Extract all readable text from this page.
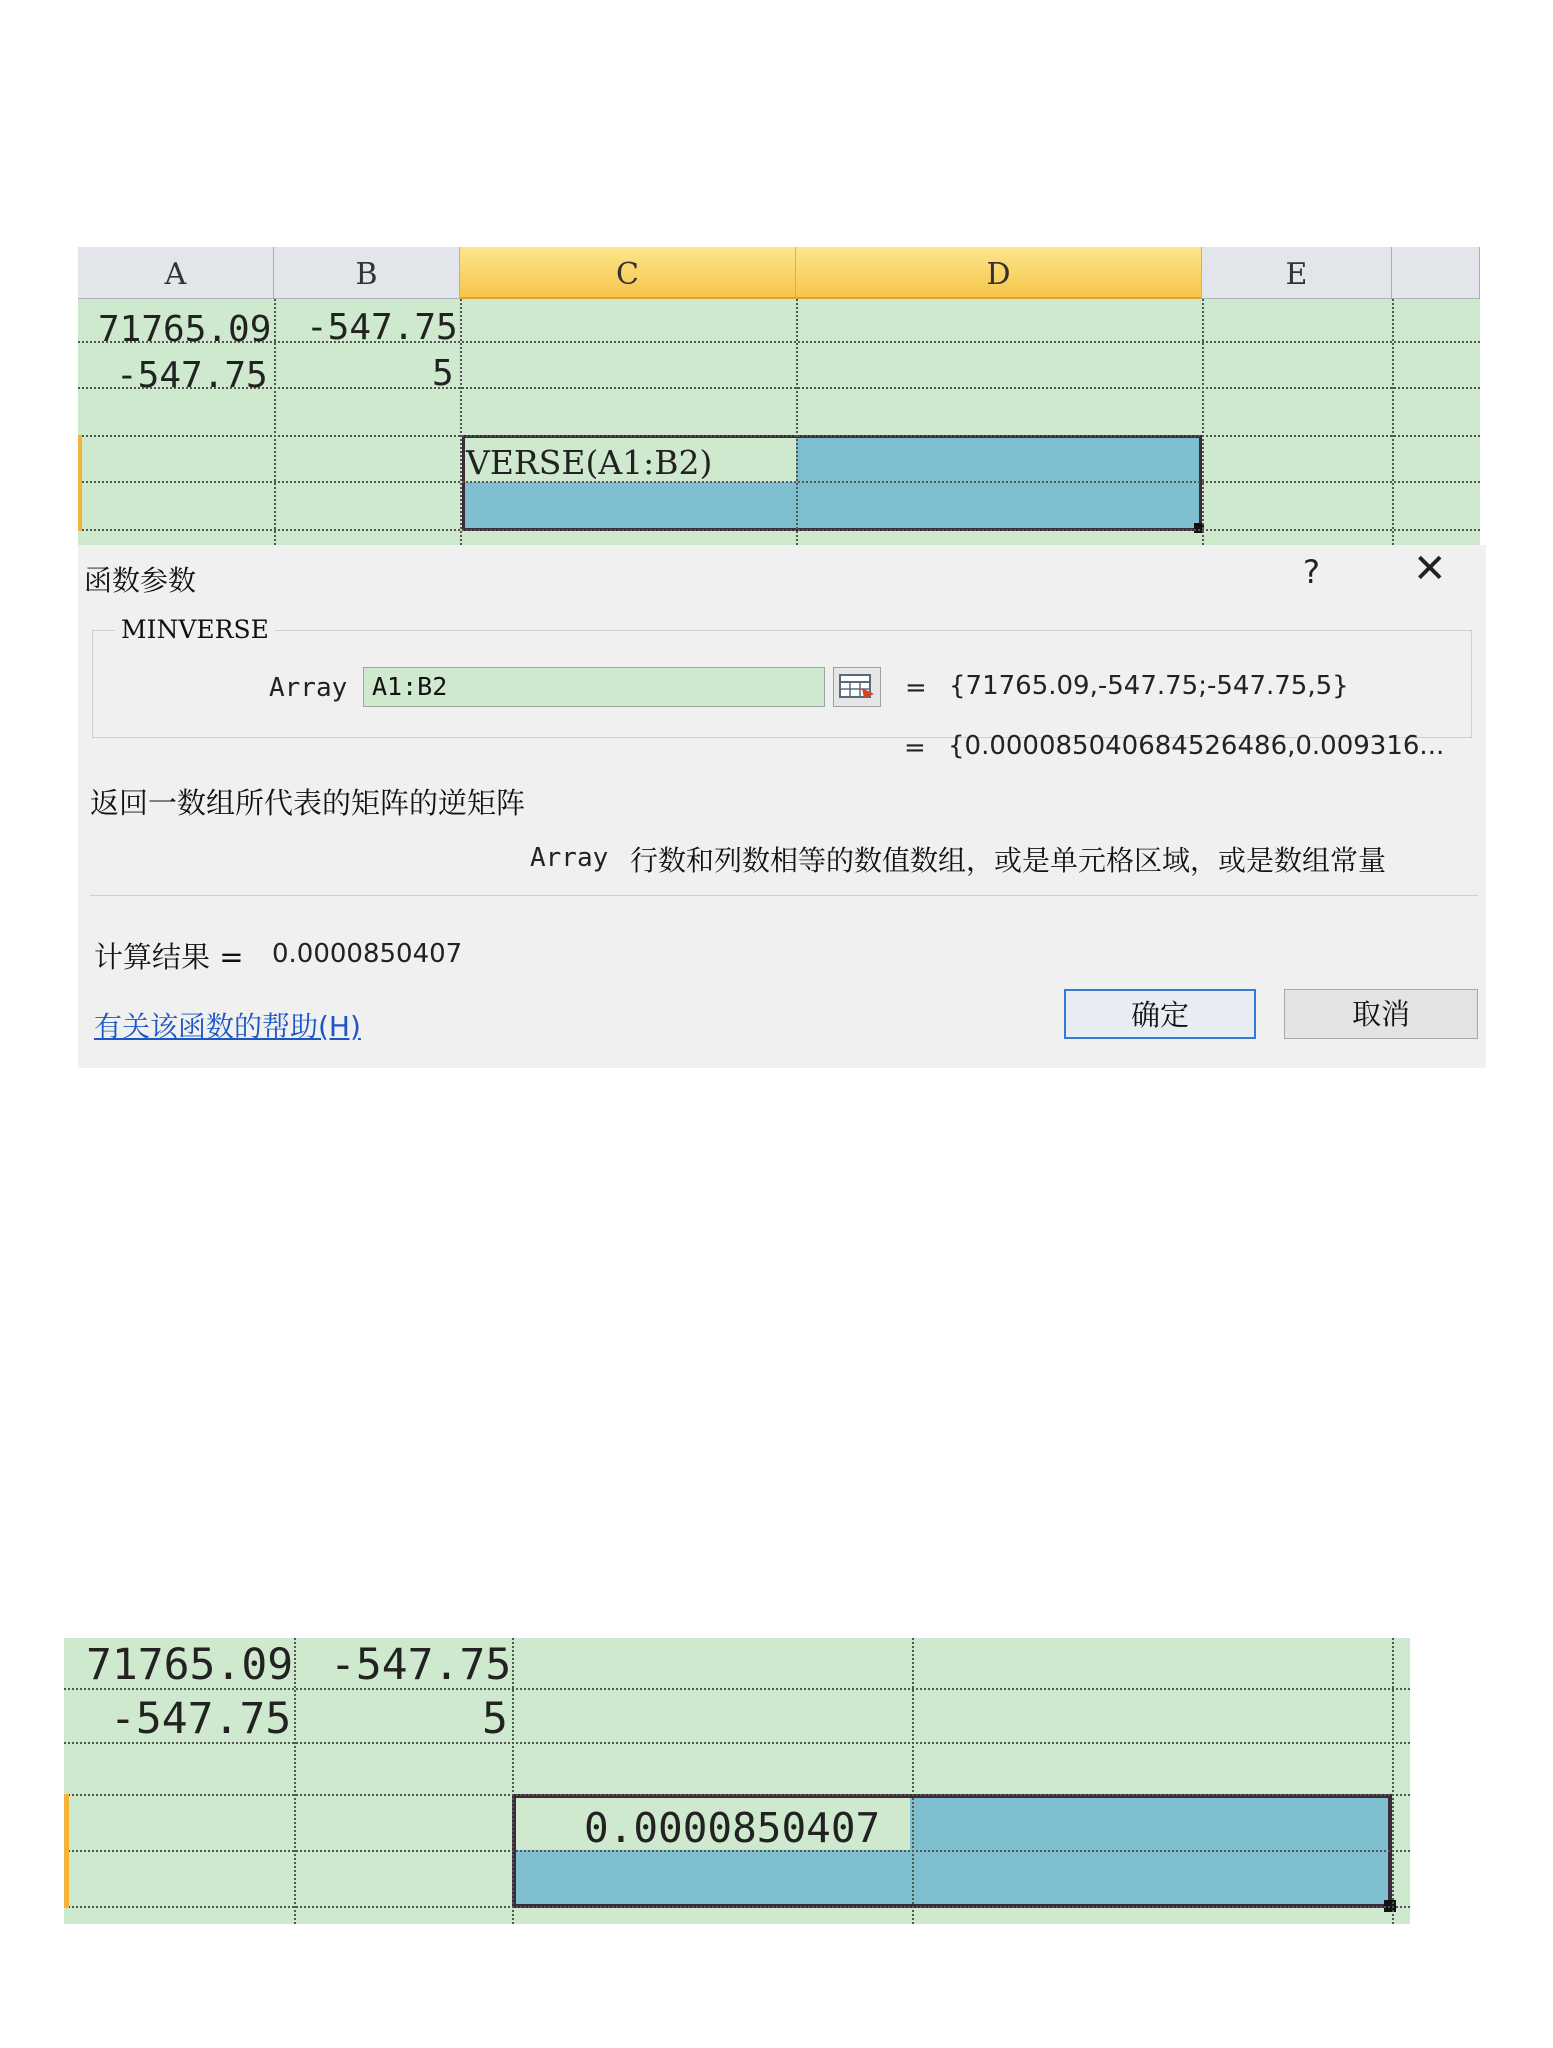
A	B	C	D	E
71765.09 -547.75
-547.75	5
VERSE(A1:B2)
函数参数	? ✕
MINVERSE
Array A1:B2	= {71765.09,-547.75;-547.75,5}
= {0.0000850406845264​86,0.009316...
返回一数组所代表的矩阵的逆矩阵
Array 行数和列数相等的数值数组，或是单元格区域，或是数组常量
计算结果 = 0.0000850407
有关该函数的帮助(H)	确定	取消
71765.09 -547.75
-547.75	5
0.0000850407
